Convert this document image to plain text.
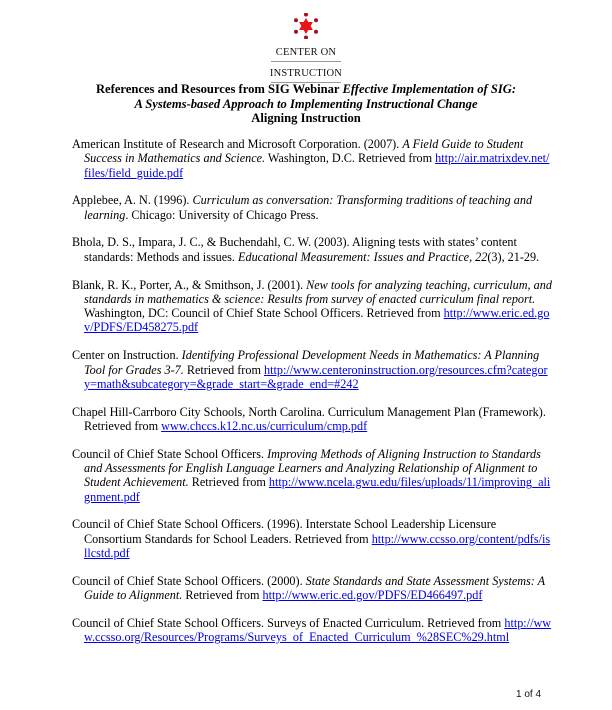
CENTER ON
INSTRUCTION
References and Resources from SIG Webinar Effective Implementation of SIG:
A Systems-based Approach to Implementing Instructional Change
Aligning Instruction

American Institute of Research and Microsoft Corporation. (2007). A Field Guide to Student Success in Mathematics and Science. Washington, D.C. Retrieved from http://air.matrixdev.net/files/field_guide.pdf

Applebee, A. N. (1996). Curriculum as conversation: Transforming traditions of teaching and learning. Chicago: University of Chicago Press.

Bhola, D. S., Impara, J. C., & Buchendahl, C. W. (2003). Aligning tests with states’ content standards: Methods and issues. Educational Measurement: Issues and Practice, 22(3), 21-29.

Blank, R. K., Porter, A., & Smithson, J. (2001). New tools for analyzing teaching, curriculum, and standards in mathematics & science: Results from survey of enacted curriculum final report. Washington, DC: Council of Chief State School Officers. Retrieved from http://www.eric.ed.gov/PDFS/ED458275.pdf

Center on Instruction. Identifying Professional Development Needs in Mathematics: A Planning Tool for Grades 3-7. Retrieved from http://www.centeroninstruction.org/resources.cfm?category=math&subcategory=&grade_start=&grade_end=#242

Chapel Hill-Carrboro City Schools, North Carolina. Curriculum Management Plan (Framework). Retrieved from www.chccs.k12.nc.us/curriculum/cmp.pdf

Council of Chief State School Officers. Improving Methods of Aligning Instruction to Standards and Assessments for English Language Learners and Analyzing Relationship of Alignment to Student Achievement. Retrieved from http://www.ncela.gwu.edu/files/uploads/11/improving_alignment.pdf

Council of Chief State School Officers. (1996). Interstate School Leadership Licensure Consortium Standards for School Leaders. Retrieved from http://www.ccsso.org/content/pdfs/isllcstd.pdf

Council of Chief State School Officers. (2000). State Standards and State Assessment Systems: A Guide to Alignment. Retrieved from http://www.eric.ed.gov/PDFS/ED466497.pdf

Council of Chief State School Officers. Surveys of Enacted Curriculum. Retrieved from http://www.ccsso.org/Resources/Programs/Surveys_of_Enacted_Curriculum_%28SEC%29.html

1 of 4
